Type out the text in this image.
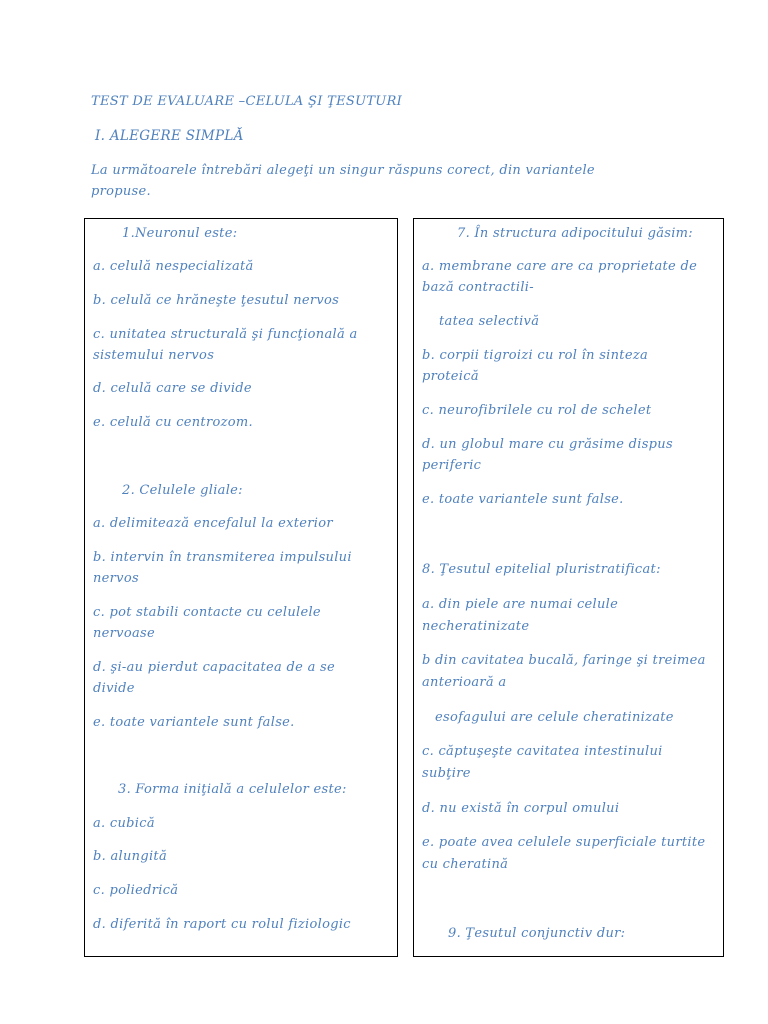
TEST DE EVALUARE –CELULA ŞI ŢESUTURI

I. ALEGERE SIMPLĂ

La următoarele întrebări alegeţi un singur răspuns corect, din variantele propuse.

1.Neuronul este:
a. celulă nespecializată
b. celulă ce hrăneşte ţesutul nervos
c. unitatea structurală şi funcţională a
sistemului nervos
d. celulă care se divide
e. celulă cu centrozom.
2. Celulele gliale:
a. delimitează encefalul la exterior
b. intervin în transmiterea impulsului
nervos
c. pot stabili contacte cu celulele
nervoase
d. şi-au pierdut capacitatea de a se
divide
e. toate variantele sunt false.
3. Forma iniţială a celulelor este:
a. cubică
b. alungită
c. poliedrică
d. diferită în raport cu rolul fiziologic
7. În structura adipocitului găsim:
a. membrane care are ca proprietate de
bază contractili-
tatea selectivă
b. corpii tigroizi cu rol în sinteza
proteică
c. neurofibrilele cu rol de schelet
d. un globul mare cu grăsime dispus
periferic
e. toate variantele sunt false.
8. Ţesutul epitelial pluristratificat:
a. din piele are numai celule
necheratinizate
b din cavitatea bucală, faringe şi treimea
anterioară a
esofagului are celule cheratinizate
c. căptuşeşte cavitatea intestinului
subţire
d. nu există în corpul omului
e. poate avea celulele superficiale turtite
cu cheratină
9. Ţesutul conjunctiv dur:
